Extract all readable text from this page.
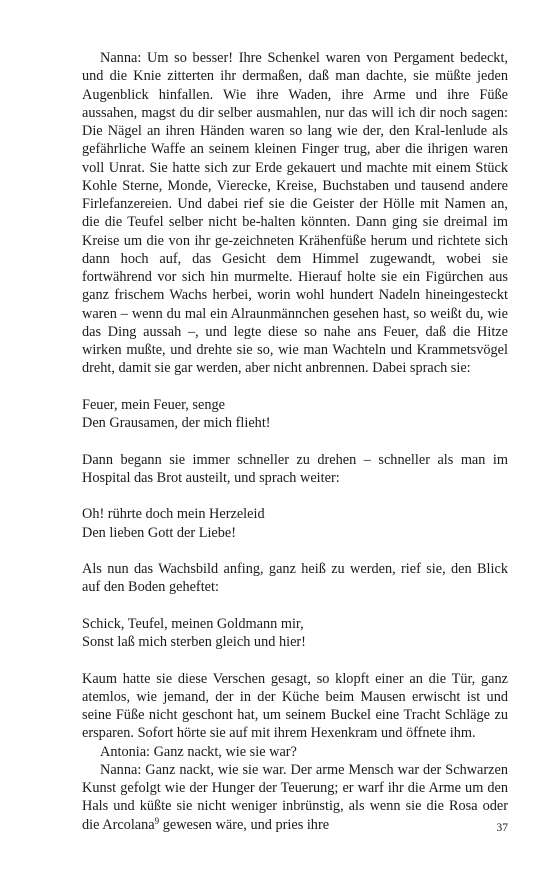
Nanna: Um so besser! Ihre Schenkel waren von Pergament bedeckt, und die Knie zitterten ihr dermaßen, daß man dachte, sie müßte jeden Augenblick hinfallen. Wie ihre Waden, ihre Arme und ihre Füße aussahen, magst du dir selber ausmahlen, nur das will ich dir noch sagen: Die Nägel an ihren Händen waren so lang wie der, den Kral-lenlude als gefährliche Waffe an seinem kleinen Finger trug, aber die ihrigen waren voll Unrat. Sie hatte sich zur Erde gekauert und machte mit einem Stück Kohle Sterne, Monde, Vierecke, Kreise, Buchstaben und tausend andere Firlefanzereien. Und dabei rief sie die Geister der Hölle mit Namen an, die die Teufel selber nicht be-halten könnten. Dann ging sie dreimal im Kreise um die von ihr ge-zeichneten Krähenfüße herum und richtete sich dann hoch auf, das Gesicht dem Himmel zugewandt, wobei sie fortwährend vor sich hin murmelte. Hierauf holte sie ein Figürchen aus ganz frischem Wachs herbei, worin wohl hundert Nadeln hineingesteckt waren – wenn du mal ein Alraunmännchen gesehen hast, so weißt du, wie das Ding aussah –, und legte diese so nahe ans Feuer, daß die Hitze wirken mußte, und drehte sie so, wie man Wachteln und Krammetsvögel dreht, damit sie gar werden, aber nicht anbrennen. Dabei sprach sie:

Feuer, mein Feuer, senge
Den Grausamen, der mich flieht!

Dann begann sie immer schneller zu drehen – schneller als man im Hospital das Brot austeilt, und sprach weiter:

Oh! rührte doch mein Herzeleid
Den lieben Gott der Liebe!

Als nun das Wachsbild anfing, ganz heiß zu werden, rief sie, den Blick auf den Boden geheftet:

Schick, Teufel, meinen Goldmann mir,
Sonst laß mich sterben gleich und hier!

Kaum hatte sie diese Verschen gesagt, so klopft einer an die Tür, ganz atemlos, wie jemand, der in der Küche beim Mausen erwischt ist und seine Füße nicht geschont hat, um seinem Buckel eine Tracht Schläge zu ersparen. Sofort hörte sie auf mit ihrem Hexenkram und öffnete ihm.

Antonia: Ganz nackt, wie sie war?

Nanna: Ganz nackt, wie sie war. Der arme Mensch war der Schwarzen Kunst gefolgt wie der Hunger der Teuerung; er warf ihr die Arme um den Hals und küßte sie nicht weniger inbrünstig, als wenn sie die Rosa oder die Arcolana$^9$ gewesen wäre, und pries ihre	37
